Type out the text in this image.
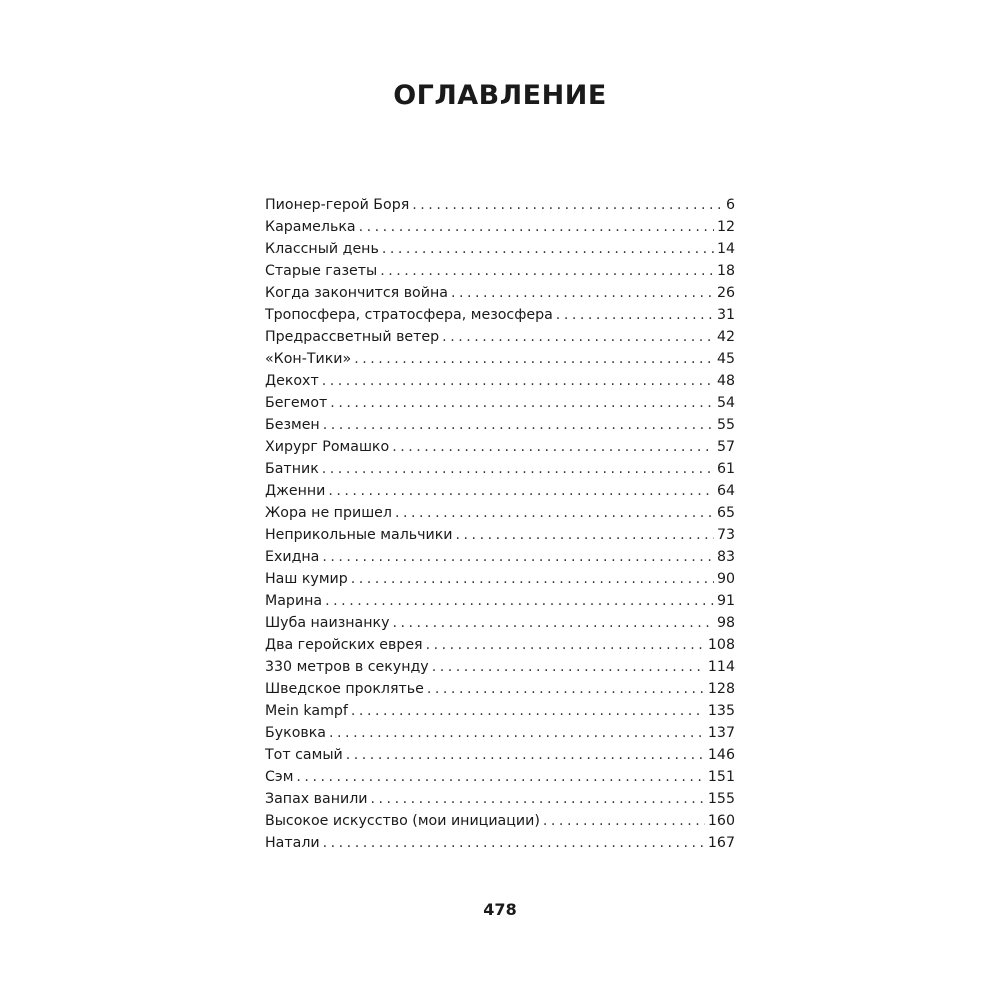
ОГЛАВЛЕНИЕ
Пионер-герой Боря . . .	6
Карамелька . . .	12
Классный день . . .	14
Старые газеты . . .	18
Когда закончится война . . .	26
Тропосфера, стратосфера, мезосфера . . .	31
Предрассветный ветер . . .	42
«Кон-Тики» . . .	45
Декохт . . .	48
Бегемот . . .	54
Безмен . . .	55
Хирург Ромашко . . .	57
Батник . . .	61
Дженни . . .	64
Жора не пришел . . .	65
Неприкольные мальчики . . .	73
Ехидна . . .	83
Наш кумир . . .	90
Марина . . .	91
Шуба наизнанку . . .	98
Два геройских еврея . . .	108
330 метров в секунду . . .	114
Шведское проклятье . . .	128
Mein kampf . . .	135
Буковка . . .	137
Тот самый . . .	146
Сэм . . .	151
Запах ванили . . .	155
Высокое искусство (мои инициации) . . .	160
Натали . . .	167
478
